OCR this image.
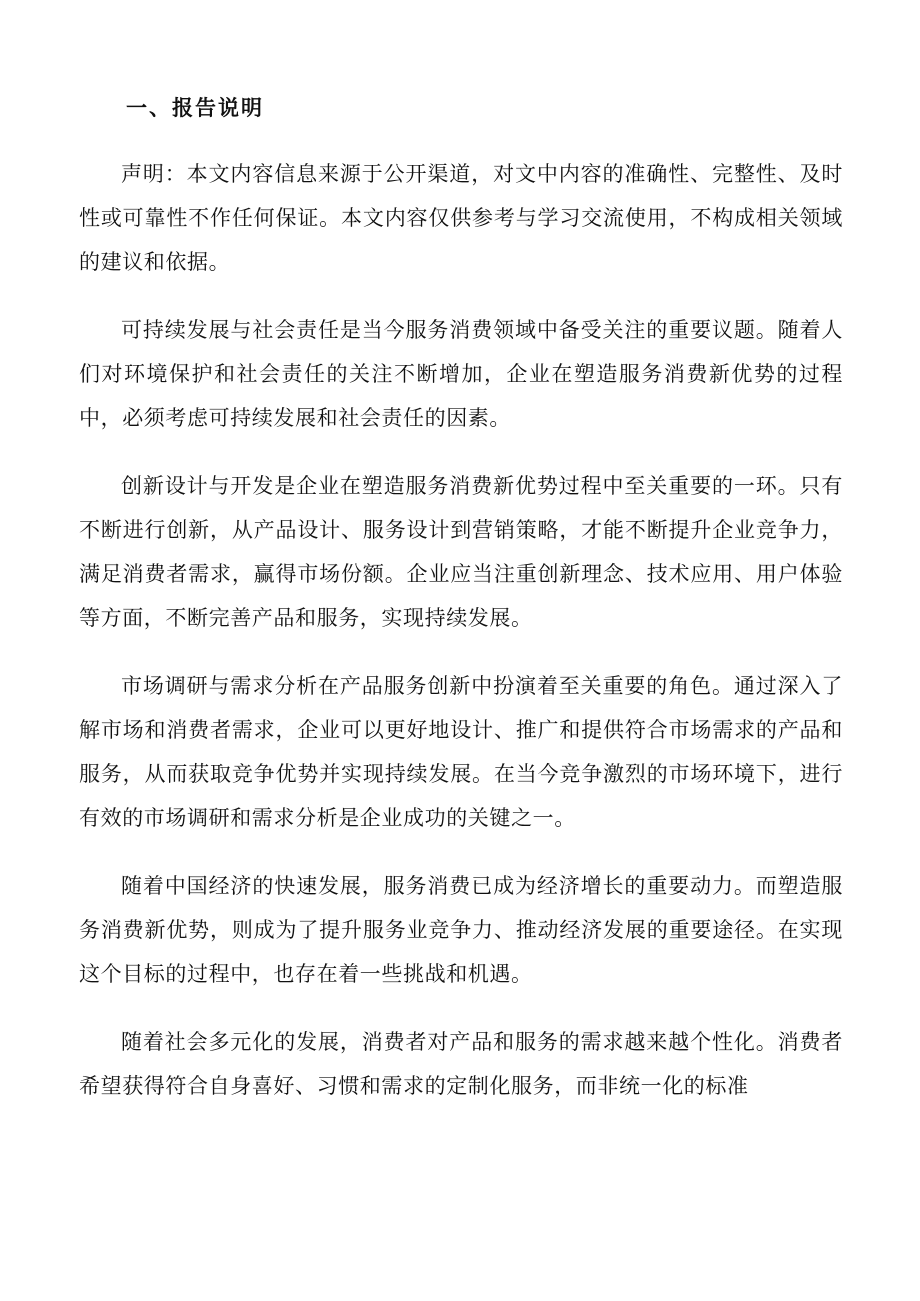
一、报告说明

声明：本文内容信息来源于公开渠道，对文中内容的准确性、完整性、及时性或可靠性不作任何保证。本文内容仅供参考与学习交流使用，不构成相关领域的建议和依据。

可持续发展与社会责任是当今服务消费领域中备受关注的重要议题。随着人们对环境保护和社会责任的关注不断增加，企业在塑造服务消费新优势的过程中，必须考虑可持续发展和社会责任的因素。

创新设计与开发是企业在塑造服务消费新优势过程中至关重要的一环。只有不断进行创新，从产品设计、服务设计到营销策略，才能不断提升企业竞争力，满足消费者需求，赢得市场份额。企业应当注重创新理念、技术应用、用户体验等方面，不断完善产品和服务，实现持续发展。

市场调研与需求分析在产品服务创新中扮演着至关重要的角色。通过深入了解市场和消费者需求，企业可以更好地设计、推广和提供符合市场需求的产品和服务，从而获取竞争优势并实现持续发展。在当今竞争激烈的市场环境下，进行有效的市场调研和需求分析是企业成功的关键之一。

随着中国经济的快速发展，服务消费已成为经济增长的重要动力。而塑造服务消费新优势，则成为了提升服务业竞争力、推动经济发展的重要途径。在实现这个目标的过程中，也存在着一些挑战和机遇。

随着社会多元化的发展，消费者对产品和服务的需求越来越个性化。消费者希望获得符合自身喜好、习惯和需求的定制化服务，而非统一化的标准
